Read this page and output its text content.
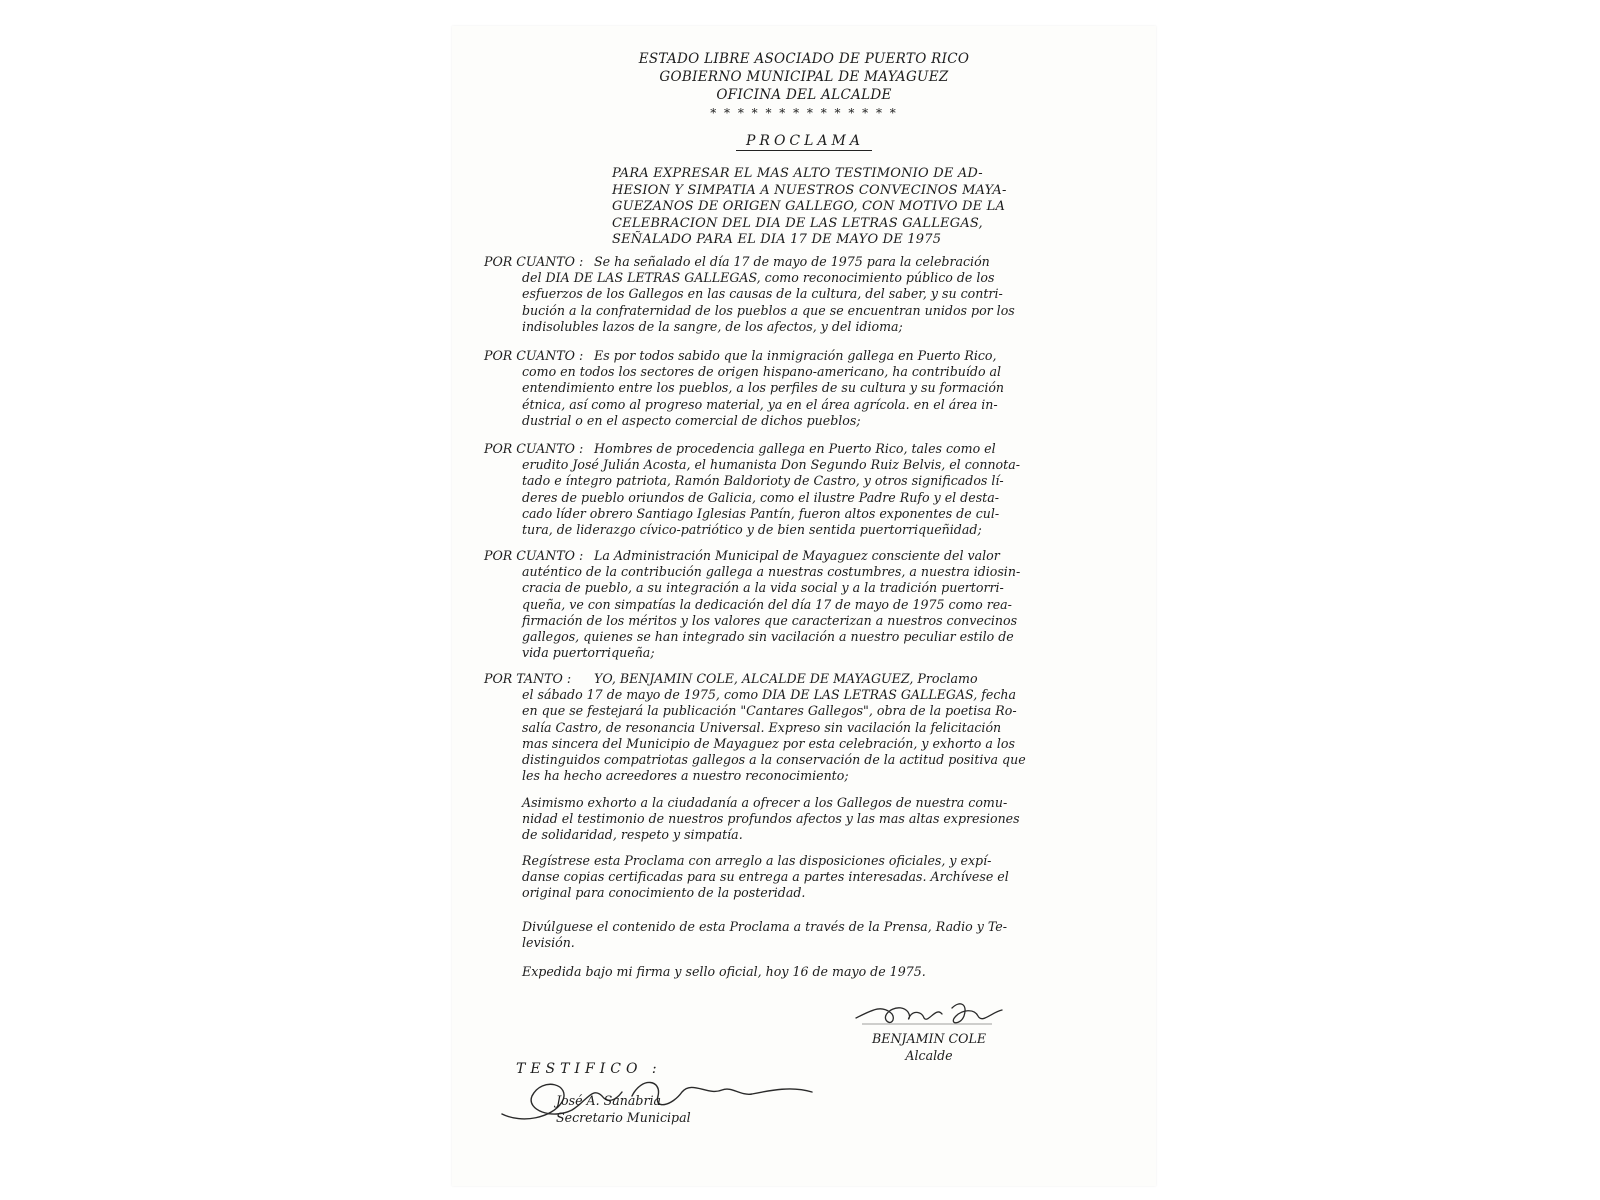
ESTADO LIBRE ASOCIADO DE PUERTO RICO
GOBIERNO MUNICIPAL DE MAYAGUEZ
OFICINA DEL ALCALDE
* * * * * * * * * * * * * *
PROCLAMA
PARA EXPRESAR EL MAS ALTO TESTIMONIO DE AD-
HESION Y SIMPATIA A NUESTROS CONVECINOS MAYA-
GUEZANOS DE ORIGEN GALLEGO, CON MOTIVO DE LA
CELEBRACION DEL DIA DE LAS LETRAS GALLEGAS,
SEÑALADO PARA EL DIA 17 DE MAYO DE 1975
POR CUANTO : Se ha señalado el día 17 de mayo de 1975 para la celebración
del DIA DE LAS LETRAS GALLEGAS, como reconocimiento público de los
esfuerzos de los Gallegos en las causas de la cultura, del saber, y su contri-
bución a la confraternidad de los pueblos a que se encuentran unidos por los
indisolubles lazos de la sangre, de los afectos, y del idioma;
POR CUANTO : Es por todos sabido que la inmigración gallega en Puerto Rico,
como en todos los sectores de origen hispano-americano, ha contribuído al
entendimiento entre los pueblos, a los perfiles de su cultura y su formación
étnica, así como al progreso material, ya en el área agrícola. en el área in-
dustrial o en el aspecto comercial de dichos pueblos;
POR CUANTO : Hombres de procedencia gallega en Puerto Rico, tales como el
erudito José Julián Acosta, el humanista Don Segundo Ruiz Belvis, el connota-
tado e íntegro patriota, Ramón Baldorioty de Castro, y otros significados lí-
deres de pueblo oriundos de Galicia, como el ilustre Padre Rufo y el desta-
cado líder obrero Santiago Iglesias Pantín, fueron altos exponentes de cul-
tura, de liderazgo cívico-patriótico y de bien sentida puertorriqueñidad;
POR CUANTO : La Administración Municipal de Mayaguez consciente del valor
auténtico de la contribución gallega a nuestras costumbres, a nuestra idiosin-
cracia de pueblo, a su integración a la vida social y a la tradición puertorri-
queña, ve con simpatías la dedicación del día 17 de mayo de 1975 como rea-
firmación de los méritos y los valores que caracterizan a nuestros convecinos
gallegos, quienes se han integrado sin vacilación a nuestro peculiar estilo de
vida puertorriqueña;
POR TANTO : YO, BENJAMIN COLE, ALCALDE DE MAYAGUEZ, Proclamo
el sábado 17 de mayo de 1975, como DIA DE LAS LETRAS GALLEGAS, fecha
en que se festejará la publicación "Cantares Gallegos", obra de la poetisa Ro-
salía Castro, de resonancia Universal. Expreso sin vacilación la felicitación
mas sincera del Municipio de Mayaguez por esta celebración, y exhorto a los
distinguidos compatriotas gallegos a la conservación de la actitud positiva que
les ha hecho acreedores a nuestro reconocimiento;
Asimismo exhorto a la ciudadanía a ofrecer a los Gallegos de nuestra comu-
nidad el testimonio de nuestros profundos afectos y las mas altas expresiones
de solidaridad, respeto y simpatía.
Regístrese esta Proclama con arreglo a las disposiciones oficiales, y expí-
danse copias certificadas para su entrega a partes interesadas. Archívese el
original para conocimiento de la posteridad.
Divúlguese el contenido de esta Proclama a través de la Prensa, Radio y Te-
levisión.
Expedida bajo mi firma y sello oficial, hoy 16 de mayo de 1975.
BENJAMIN COLE
Alcalde
TESTIFICO :
José A. Sanabria
Secretario Municipal
